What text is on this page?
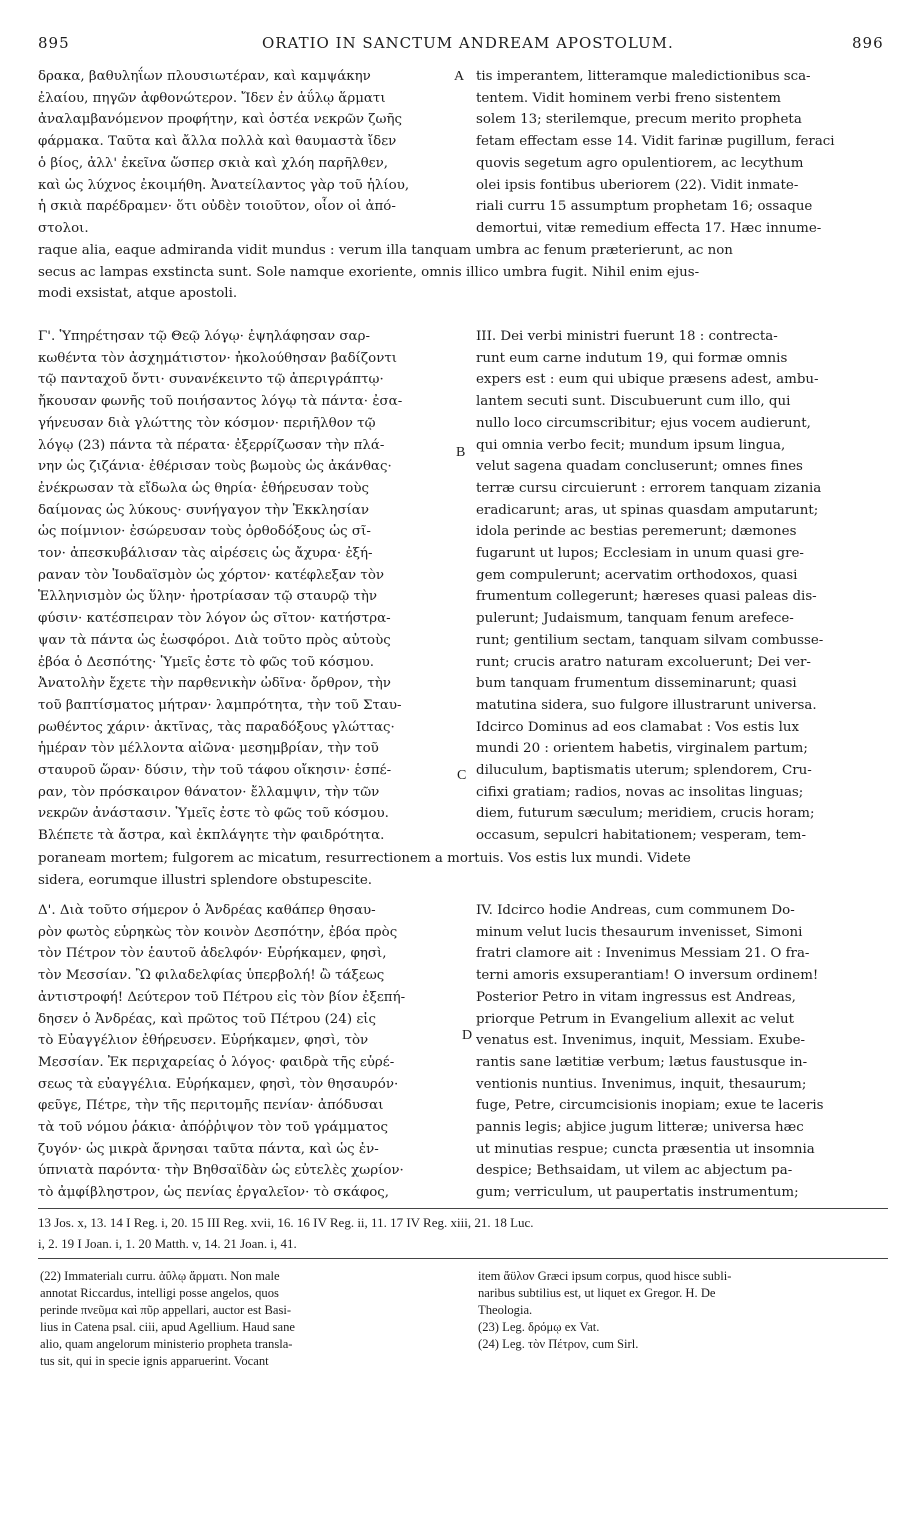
895	ORATIO IN SANCTUM ANDREAM APOSTOLUM.	896
A
B
C
D
δρακα, βαθυληΐων πλουσιωτέραν, καὶ καμψάκην
ἐλαίου, πηγῶν ἀφθονώτερον. Ἴδεν ἐν ἀΰλῳ ἅρματι
ἀναλαμβανόμενον προφήτην, καὶ ὀστέα νεκρῶν ζωῆς
φάρμακα. Ταῦτα καὶ ἄλλα πολλὰ καὶ θαυμαστὰ ἴδεν
ὁ βίος, ἀλλ' ἐκεῖνα ὥσπερ σκιὰ καὶ χλόη παρῆλθεν,
καὶ ὡς λύχνος ἐκοιμήθη. Ἀνατείλαντος γὰρ τοῦ ἡλίου,
ἡ σκιὰ παρέδραμεν· ὅτι οὐδὲν τοιοῦτον, οἷον οἱ ἀπό-
στολοι.
tis imperantem, litteramque maledictionibus sca-
tentem. Vidit hominem verbi freno sistentem
solem 13; sterilemque, precum merito propheta
fetam effectam esse 14. Vidit farinæ pugillum, feraci
quovis segetum agro opulentiorem, ac lecythum
olei ipsis fontibus uberiorem (22). Vidit inmate-
riali curru 15 assumptum prophetam 16; ossaque
demortui, vitæ remedium effecta 17. Hæc innume-
raque alia, eaque admiranda vidit mundus : verum illa tanquam umbra ac fenum præterierunt, ac non
secus ac lampas exstincta sunt. Sole namque exoriente, omnis illico umbra fugit. Nihil enim ejus-
modi exsistat, atque apostoli.
Γ'. Ὑπηρέτησαν τῷ Θεῷ λόγῳ· ἐψηλάφησαν σαρ-
κωθέντα τὸν ἀσχημάτιστον· ἠκολούθησαν βαδίζοντι
τῷ πανταχοῦ ὄντι· συνανέκειντο τῷ ἀπεριγράπτῳ·
ἤκουσαν φωνῆς τοῦ ποιήσαντος λόγῳ τὰ πάντα· ἐσα-
γήνευσαν διὰ γλώττης τὸν κόσμον· περιῆλθον τῷ
λόγῳ (23) πάντα τὰ πέρατα· ἐξερρίζωσαν τὴν πλά-
νην ὡς ζιζάνια· ἐθέρισαν τοὺς βωμοὺς ὡς ἀκάνθας·
ἐνέκρωσαν τὰ εἴδωλα ὡς θηρία· ἐθήρευσαν τοὺς
δαίμονας ὡς λύκους· συνήγαγον τὴν Ἐκκλησίαν
ὡς ποίμνιον· ἐσώρευσαν τοὺς ὀρθοδόξους ὡς σῖ-
τον· ἀπεσκυβάλισαν τὰς αἱρέσεις ὡς ἄχυρα· ἐξή-
ραναν τὸν Ἰουδαϊσμὸν ὡς χόρτον· κατέφλεξαν τὸν
Ἑλληνισμὸν ὡς ὕλην· ἠροτρίασαν τῷ σταυρῷ τὴν
φύσιν· κατέσπειραν τὸν λόγον ὡς σῖτον· κατήστρα-
ψαν τὰ πάντα ὡς ἑωσφόροι. Διὰ τοῦτο πρὸς αὐτοὺς
ἐβόα ὁ Δεσπότης· Ὑμεῖς ἐστε τὸ φῶς τοῦ κόσμου.
Ἀνατολὴν ἔχετε τὴν παρθενικὴν ὠδῖνα· ὄρθρον, τὴν
τοῦ βαπτίσματος μήτραν· λαμπρότητα, τὴν τοῦ Σταυ-
ρωθέντος χάριν· ἀκτῖνας, τὰς παραδόξους γλώττας·
ἡμέραν τὸν μέλλοντα αἰῶνα· μεσημβρίαν, τὴν τοῦ
σταυροῦ ὥραν· δύσιν, τὴν τοῦ τάφου οἴκησιν· ἑσπέ-
ραν, τὸν πρόσκαιρον θάνατον· ἔλλαμψιν, τὴν τῶν
νεκρῶν ἀνάστασιν. Ὑμεῖς ἐστε τὸ φῶς τοῦ κόσμου.
Βλέπετε τὰ ἄστρα, καὶ ἐκπλάγητε τὴν φαιδρότητα.
III. Dei verbi ministri fuerunt 18 : contrecta-
runt eum carne indutum 19, qui formæ omnis
expers est : eum qui ubique præsens adest, ambu-
lantem secuti sunt. Discubuerunt cum illo, qui
nullo loco circumscribitur; ejus vocem audierunt,
qui omnia verbo fecit; mundum ipsum lingua,
velut sagena quadam concluserunt; omnes fines
terræ cursu circuierunt : errorem tanquam zizania
eradicarunt; aras, ut spinas quasdam amputarunt;
idola perinde ac bestias peremerunt; dæmones
fugarunt ut lupos; Ecclesiam in unum quasi gre-
gem compulerunt; acervatim orthodoxos, quasi
frumentum collegerunt; hæreses quasi paleas dis-
pulerunt; Judaismum, tanquam fenum arefece-
runt; gentilium sectam, tanquam silvam combusse-
runt; crucis aratro naturam excoluerunt; Dei ver-
bum tanquam frumentum disseminarunt; quasi
matutina sidera, suo fulgore illustrarunt universa.
Idcirco Dominus ad eos clamabat : Vos estis lux
mundi 20 : orientem habetis, virginalem partum;
diluculum, baptismatis uterum; splendorem, Cru-
cifixi gratiam; radios, novas ac insolitas linguas;
diem, futurum sæculum; meridiem, crucis horam;
occasum, sepulcri habitationem; vesperam, tem-
poraneam mortem; fulgorem ac micatum, resurrectionem a mortuis. Vos estis lux mundi. Videte
sidera, eorumque illustri splendore obstupescite.
Δ'. Διὰ τοῦτο σήμερον ὁ Ἀνδρέας καθάπερ θησαυ-
ρὸν φωτὸς εὑρηκὼς τὸν κοινὸν Δεσπότην, ἐβόα πρὸς
τὸν Πέτρον τὸν ἑαυτοῦ ἀδελφόν· Εὑρήκαμεν, φησὶ,
τὸν Μεσσίαν. Ὢ φιλαδελφίας ὑπερβολή! ὢ τάξεως
ἀντιστροφή! Δεύτερον τοῦ Πέτρου εἰς τὸν βίον ἐξεπή-
δησεν ὁ Ἀνδρέας, καὶ πρῶτος τοῦ Πέτρου (24) εἰς
τὸ Εὐαγγέλιον ἐθήρευσεν. Εὑρήκαμεν, φησὶ, τὸν
Μεσσίαν. Ἐκ περιχαρείας ὁ λόγος· φαιδρὰ τῆς εὑρέ-
σεως τὰ εὐαγγέλια. Εὑρήκαμεν, φησὶ, τὸν θησαυρόν·
φεῦγε, Πέτρε, τὴν τῆς περιτομῆς πενίαν· ἀπόδυσαι
τὰ τοῦ νόμου ῥάκια· ἀπόῤῥιψον τὸν τοῦ γράμματος
ζυγόν· ὡς μικρὰ ἄρνησαι ταῦτα πάντα, καὶ ὡς ἐν-
ύπνιατὰ παρόντα· τὴν Βηθσαϊδὰν ὡς εὐτελὲς χωρίον·
τὸ ἀμφίβληστρον, ὡς πενίας ἐργαλεῖον· τὸ σκάφος,
IV. Idcirco hodie Andreas, cum communem Do-
minum velut lucis thesaurum invenisset, Simoni
fratri clamore ait : Invenimus Messiam 21. O fra-
terni amoris exsuperantiam! O inversum ordinem!
Posterior Petro in vitam ingressus est Andreas,
priorque Petrum in Evangelium allexit ac velut
venatus est. Invenimus, inquit, Messiam. Exube-
rantis sane lætitiæ verbum; lætus faustusque in-
ventionis nuntius. Invenimus, inquit, thesaurum;
fuge, Petre, circumcisionis inopiam; exue te laceris
pannis legis; abjice jugum litteræ; universa hæc
ut minutias respue; cuncta præsentia ut insomnia
despice; Bethsaidam, ut vilem ac abjectum pa-
gum; verriculum, ut paupertatis instrumentum;
13 Jos. x, 13. 14 I Reg. i, 20. 15 III Reg. xvii, 16. 16 IV Reg. ii, 11. 17 IV Reg. xiii, 21. 18 Luc.
i, 2. 19 I Joan. i, 1. 20 Matth. v, 14. 21 Joan. i, 41.
(22) Immaterialı curru. ἀΰλῳ ἅρματι. Non male
annotat Riccardus, intelligi posse angelos, quos
perinde πνεῦμα καὶ πῦρ appellari, auctor est Basi-
lius in Catena psal. ciii, apud Agellium. Haud sane
alio, quam angelorum ministerio propheta transla-
tus sit, qui in specie ignis apparuerint. Vocant
item ἄϋλον Græci ipsum corpus, quod hisce subli-
naribus subtilius est, ut liquet ex Gregor. H. De
Theologia.
(23) Leg. δρόμῳ ex Vat.
(24) Leg. τὸν Πέτρον, cum Sirl.
